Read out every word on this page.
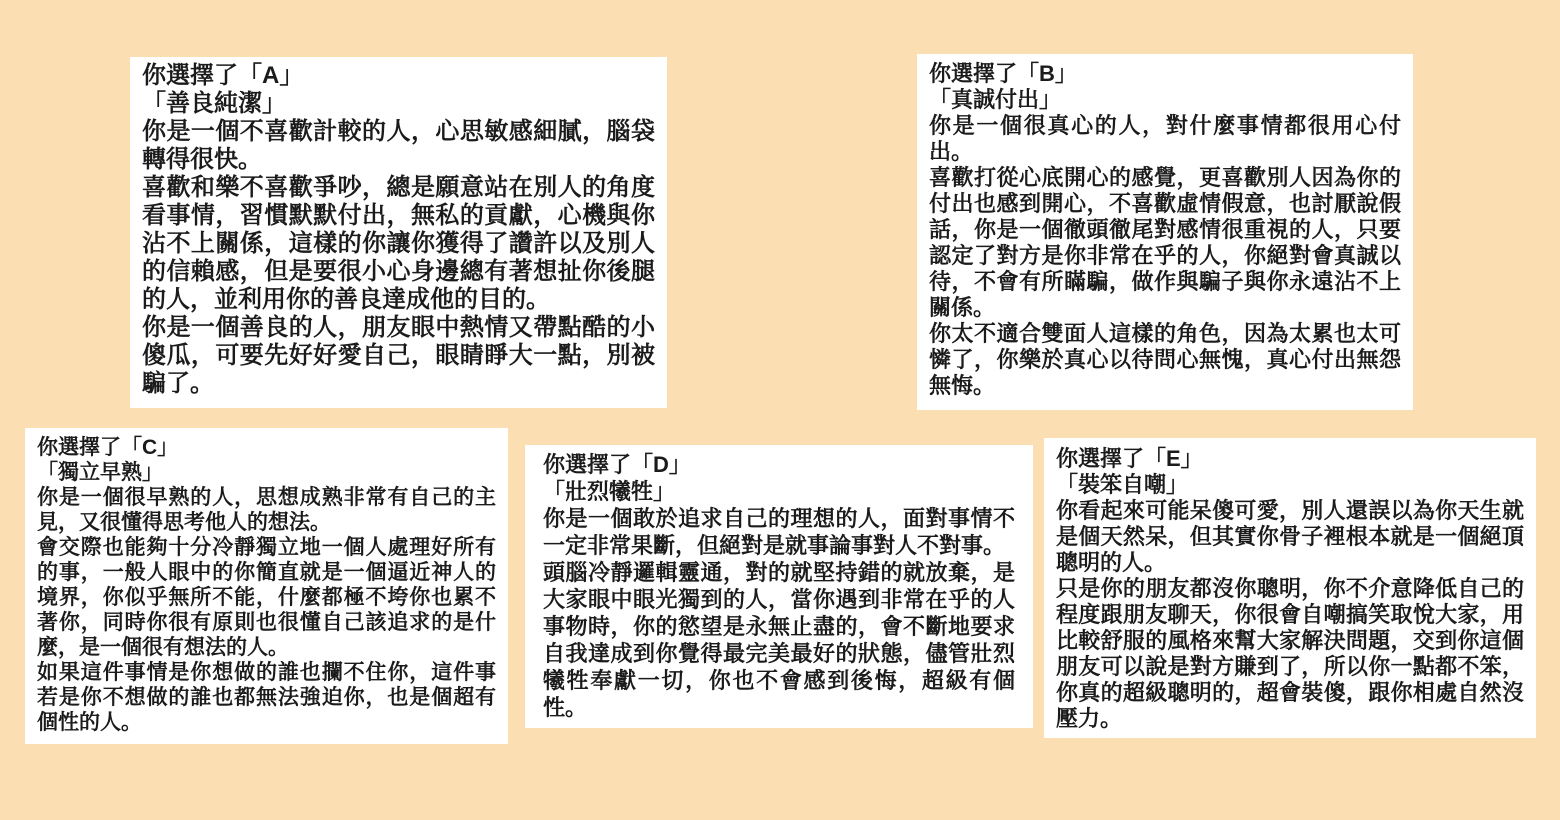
你選擇了「A」
「善良純潔」

你是一個不喜歡計較的人，心思敏感細膩，腦袋轉得很快。

喜歡和樂不喜歡爭吵，總是願意站在別人的角度看事情，習慣默默付出，無私的貢獻，心機與你沾不上關係，這樣的你讓你獲得了讚許以及別人的信賴感，但是要很小心身邊總有著想扯你後腿的人，並利用你的善良達成他的目的。

你是一個善良的人，朋友眼中熱情又帶點酷的小傻瓜，可要先好好愛自己，眼睛睜大一點，別被騙了。

你選擇了「B」
「真誠付出」

你是一個很真心的人，對什麼事情都很用心付出。

喜歡打從心底開心的感覺，更喜歡別人因為你的付出也感到開心，不喜歡虛情假意，也討厭說假話，你是一個徹頭徹尾對感情很重視的人，只要認定了對方是你非常在乎的人，你絕對會真誠以待，不會有所瞞騙，做作與騙子與你永遠沾不上關係。

你太不適合雙面人這樣的角色，因為太累也太可憐了，你樂於真心以待問心無愧，真心付出無怨無悔。

你選擇了「C」
「獨立早熟」

你是一個很早熟的人，思想成熟非常有自己的主見，又很懂得思考他人的想法。

會交際也能夠十分冷靜獨立地一個人處理好所有的事，一般人眼中的你簡直就是一個逼近神人的境界，你似乎無所不能，什麼都極不垮你也累不著你，同時你很有原則也很懂自己該追求的是什麼，是一個很有想法的人。

如果這件事情是你想做的誰也攔不住你，這件事若是你不想做的誰也都無法強迫你，也是個超有個性的人。

你選擇了「D」
「壯烈犧牲」

你是一個敢於追求自己的理想的人，面對事情不一定非常果斷，但絕對是就事論事對人不對事。

頭腦冷靜邏輯靈通，對的就堅持錯的就放棄，是大家眼中眼光獨到的人，當你遇到非常在乎的人事物時，你的慾望是永無止盡的，會不斷地要求自我達成到你覺得最完美最好的狀態，儘管壯烈犧牲奉獻一切，你也不會感到後悔，超級有個性。

你選擇了「E」
「裝笨自嘲」

你看起來可能呆傻可愛，別人還誤以為你天生就是個天然呆，但其實你骨子裡根本就是一個絕頂聰明的人。

只是你的朋友都沒你聰明，你不介意降低自己的程度跟朋友聊天，你很會自嘲搞笑取悅大家，用比較舒服的風格來幫大家解決問題，交到你這個朋友可以說是對方賺到了，所以你一點都不笨，你真的超級聰明的，超會裝傻，跟你相處自然沒壓力。
